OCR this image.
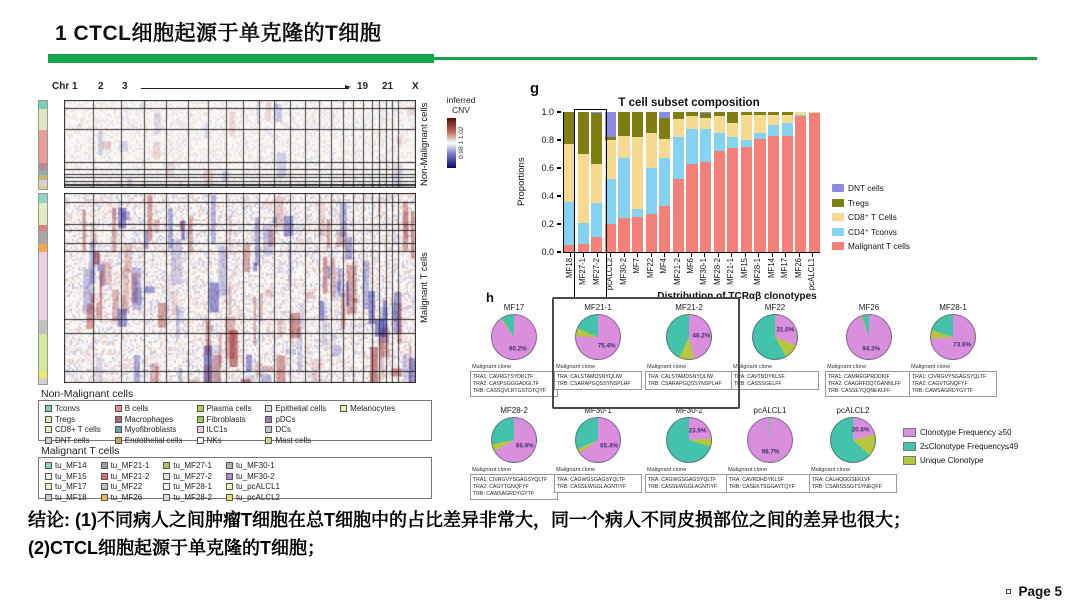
1 CTCL细胞起源于单克隆的T细胞
Chr 1 2 3	19 21 X
Non-Malignant cells
inferred CNV
0.98 1 1.02
Malignant T cells
Non-Malignant cells
Tconvs
Tregs
CD8+ T cells
DNT cells
B cells
Macrophages
Myofibroblasts
Endothelial cells
Plasma cells
Fibroblasts
ILC1s
NKs
Epithelial cells
pDCs
DCs
Mast cells
Melanocytes
Malignant T cells
tu_MF14
tu_MF15
tu_MF17
tu_MF18
tu_MF21-1
tu_MF21-2
tu_MF22
tu_MF26
tu_MF27-1
tu_MF27-2
tu_MF28-1
tu_MF28-2
tu_MF30-1
tu_MF30-2
tu_pcALCL1
tu_pcALCL2
g
T cell subset composition
Proportions
1.0
0.8
0.6
0.4
0.2
0.0
MF18 MF27-1 MF27-2 pcALCL2 MF30-2 MF7 MF22 MF4 MF21-2 MF6 MF30-1 MF28-2 MF21-1 MF15 MF28-1 MF14 MF17 MF26 pcALCL1
DNT cells
Tregs
CD8⁺ T Cells
CD4⁺ Tconvs
Malignant T cells
h	Distribution of TCRαβ clonotypes
MF17
90.2%
Malignant clone
TRA1: CAVRGTSYDKLTF;
TRA2: CASPSGGGADGLTF
TRB: CASSQVLRTGSTDTQYF
MF21-1
75.4%
Malignant clone
TRA: CALSTAMDSNYQLIW
TRB: CSARAPGQSSYNSPLHF
MF21-2
46.2%
Malignant clone
TRA: CALSTAMDSNYQLIW
TRB: CSARAPGQSSYNSPLHF
MF22
31.0%
Malignant clone
TRA: CAVTNDYKLSF
TRB: CASSSGELFF
MF26
94.3%
Malignant clone
TRA1: CAMREGPRDDKIF
TRA2: CAAGRFDQTGANNLFF
TRB: CASSEYQQNEKLFF
MF28-1
73.6%
Malignant clone
TRA1: CIVRGVYSGAGSYQLTF
TRA2: CAGVTGNQFYF
TRB: CAWSAGRDYGYTF
MF28-2
66.9%
Malignant clone
TRA1: CIVRGVYSGAGSYQLTF
TRA2: CAGYTGNQFYF
TRB: CAWSAGRDYGYTF
MF30-1
65.4%
Malignant clone
TRA: CAGWGSGAGSYQLTF
TRB: CASSEWGGLAGNTIYF
MF30-2
23.9%
Malignant clone
TRA: CAGWGSGAGSYQLTF
TRB: CASSEWGGLAGNTIYF
pcALCL1
98.7%
Malignant clone
TRA: CAVRDHDYKLSF
TRB: CASEKTSGGAYTQYF
pcALCL2
20.8%
Malignant clone
TRA: CALHQGGSEKLVF
TRB: CSARSSSGTSYNEQFF
Clonotype Frequency ≥50
2≤Clonotype Frequency≤49
Unique Clonotype
结论: (1)不同病人之间肿瘤T细胞在总T细胞中的占比差异非常大，同一个病人不同皮损部位之间的差异也很大；
(2)CTCL细胞起源于单克隆的T细胞；
Page 5
